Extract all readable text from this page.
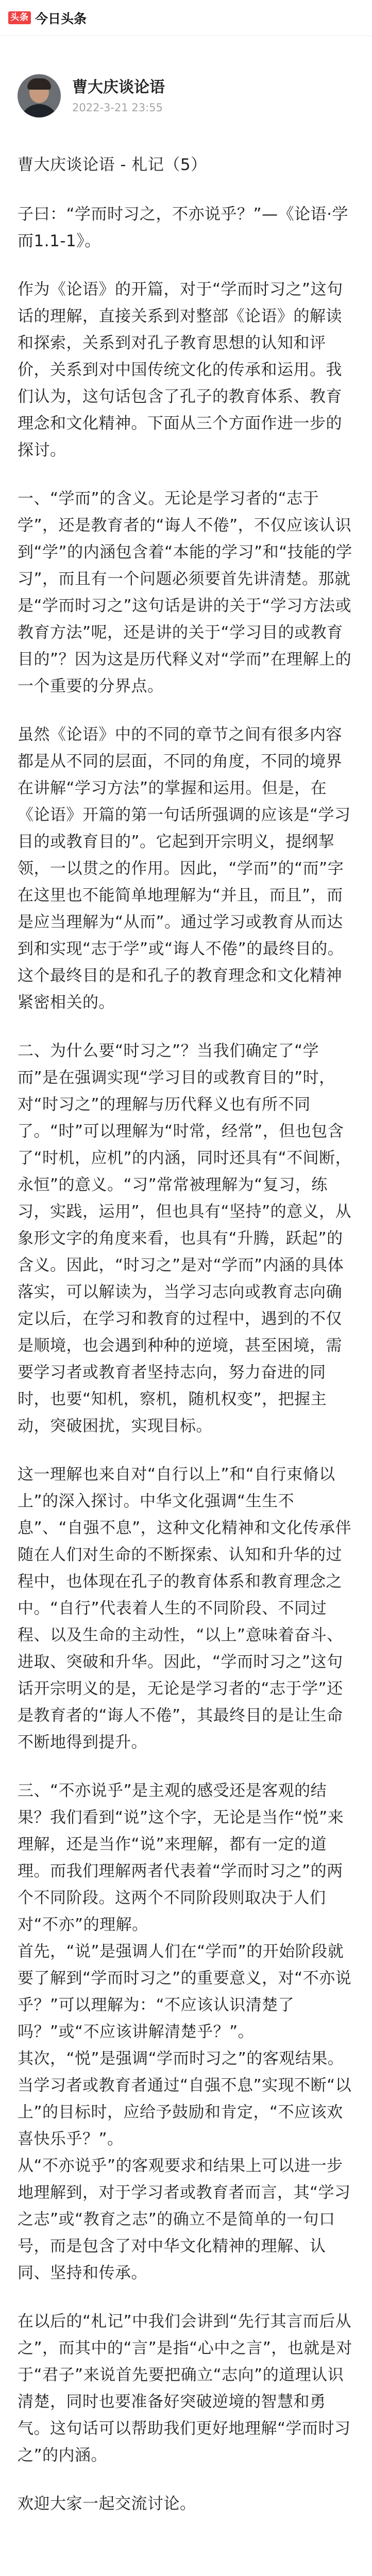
头条 今日头条
曹大庆谈论语
2022-3-21 23:55

曹大庆谈论语 - 札记（5）

子曰：“学而时习之，不亦说乎？”—《论语·学而1.1-1》。

作为《论语》的开篇，对于“学而时习之”这句话的理解，直接关系到对整部《论语》的解读和探索，关系到对孔子教育思想的认知和评价，关系到对中国传统文化的传承和运用。我们认为，这句话包含了孔子的教育体系、教育理念和文化精神。下面从三个方面作进一步的探讨。

一、“学而”的含义。无论是学习者的“志于学”，还是教育者的“诲人不倦”，不仅应该认识到“学”的内涵包含着“本能的学习”和“技能的学习”，而且有一个问题必须要首先讲清楚。那就是“学而时习之”这句话是讲的关于“学习方法或教育方法”呢，还是讲的关于“学习目的或教育目的”？因为这是历代释义对“学而”在理解上的一个重要的分界点。

虽然《论语》中的不同的章节之间有很多内容都是从不同的层面，不同的角度，不同的境界在讲解“学习方法”的掌握和运用。但是，在《论语》开篇的第一句话所强调的应该是“学习目的或教育目的”。它起到开宗明义，提纲挈领，一以贯之的作用。因此，“学而”的“而”字在这里也不能简单地理解为“并且，而且”，而是应当理解为“从而”。通过学习或教育从而达到和实现“志于学”或“诲人不倦”的最终目的。这个最终目的是和孔子的教育理念和文化精神紧密相关的。

二、为什么要“时习之”？当我们确定了“学而”是在强调实现“学习目的或教育目的”时，对“时习之”的理解与历代释义也有所不同了。“时”可以理解为“时常，经常”，但也包含了“时机，应机”的内涵，同时还具有“不间断，永恒”的意义。“习”常常被理解为“复习，练习，实践，运用”，但也具有“坚持”的意义，从象形文字的角度来看，也具有“升腾，跃起”的含义。因此，“时习之”是对“学而”内涵的具体落实，可以解读为，当学习志向或教育志向确定以后，在学习和教育的过程中，遇到的不仅是顺境，也会遇到种种的逆境，甚至困境，需要学习者或教育者坚持志向，努力奋进的同时，也要“知机，察机，随机权变”，把握主动，突破困扰，实现目标。

这一理解也来自对“自行以上”和“自行束脩以上”的深入探讨。中华文化强调“生生不息”、“自强不息”，这种文化精神和文化传承伴随在人们对生命的不断探索、认知和升华的过程中，也体现在孔子的教育体系和教育理念之中。“自行”代表着人生的不同阶段、不同过程、以及生命的主动性，“以上”意味着奋斗、进取、突破和升华。因此，“学而时习之”这句话开宗明义的是，无论是学习者的“志于学”还是教育者的“诲人不倦”，其最终目的是让生命不断地得到提升。

三、“不亦说乎”是主观的感受还是客观的结果？我们看到“说”这个字，无论是当作“悦”来理解，还是当作“说”来理解，都有一定的道理。而我们理解两者代表着“学而时习之”的两个不同阶段。这两个不同阶段则取决于人们对“不亦”的理解。
首先，“说”是强调人们在“学而”的开始阶段就要了解到“学而时习之”的重要意义，对“不亦说乎？”可以理解为：“不应该认识清楚了吗？”或“不应该讲解清楚乎？”。
其次，“悦”是强调“学而时习之”的客观结果。当学习者或教育者通过“自强不息”实现不断“以上”的目标时，应给予鼓励和肯定，“不应该欢喜快乐乎？”。
从“不亦说乎”的客观要求和结果上可以进一步地理解到，对于学习者或教育者而言，其“学习之志”或“教育之志”的确立不是简单的一句口号，而是包含了对中华文化精神的理解、认同、坚持和传承。

在以后的“札记”中我们会讲到“先行其言而后从之”，而其中的“言”是指“心中之言”，也就是对于“君子”来说首先要把确立“志向”的道理认识清楚，同时也要准备好突破逆境的智慧和勇气。这句话可以帮助我们更好地理解“学而时习之”的内涵。

欢迎大家一起交流讨论。
